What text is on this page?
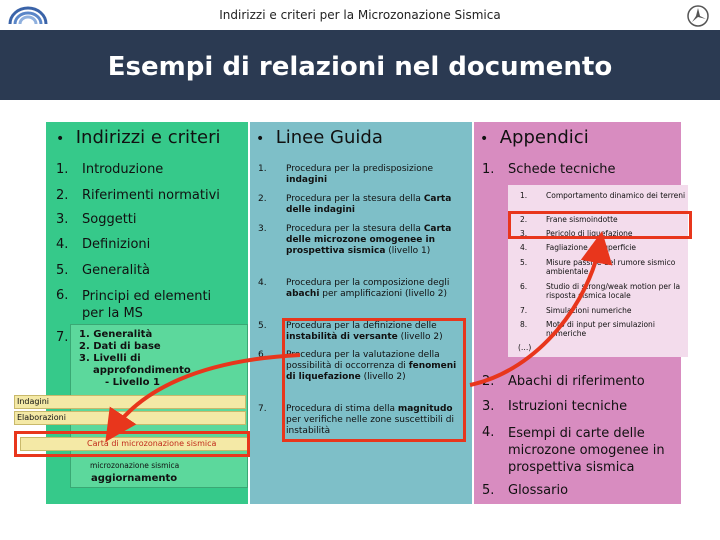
Indirizzi e criteri per la Microzonazione Sismica
Esempi di relazioni nel documento
• Indirizzi e criteri	• Linee Guida	• Appendici
1. Introduzione
2. Riferimenti normativi
3. Soggetti
4. Definizioni
5. Generalità
6. Principi ed elementi per la MS
7. 1. Generalità
2. Dati di base
3. Livelli di
approfondimento
- Livello 1
aggiornamento
Indagini
Elaborazioni
Carta di microzonazione sismica
microzonazione sismica
1. Procedura per la predisposizione indagini
2. Procedura per la stesura della Carta delle indagini
3. Procedura per la stesura della Carta delle microzone omogenee in prospettiva sismica (livello 1)
4. Procedura per la composizione degli abachi per amplificazioni (livello 2)
5. Procedura per la definizione delle instabilità di versante (livello 2)
6. Procedura per la valutazione della possibilità di occorrenza di fenomeni di liquefazione (livello 2)
7. Procedura di stima della magnitudo per verifiche nelle zone suscettibili di instabilità
1. Schede tecniche
1.	Comportamento dinamico dei terreni
2.	Frane sismoindotte
3.	Pericolo di liquefazione
4.	Fagliazione di superficie
5.	Misure passive del rumore sismico ambientale
6.	Studio di strong/weak motion per la risposta sismica locale
7.	Simulazioni numeriche
8.	Moto di input per simulazioni numeriche
(…)
2. Abachi di riferimento
3. Istruzioni tecniche
4. Esempi di carte delle microzone omogenee in prospettiva sismica
5. Glossario
